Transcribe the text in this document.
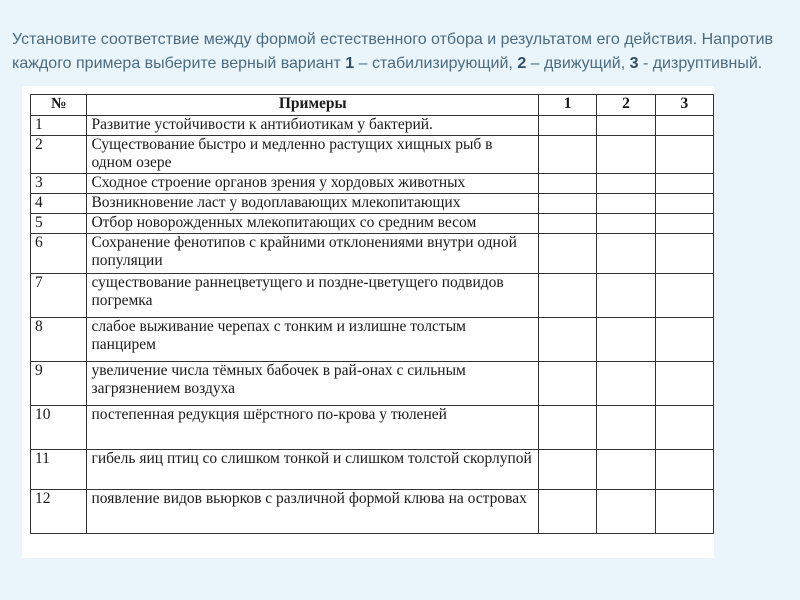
Установите соответствие между формой естественного отбора и результатом его действия. Напротив каждого примера выберите верный вариант 1 – стабилизирующий, 2 – движущий, 3 - дизруптивный.
№	Примеры	1	2	3
1	Развитие устойчивости к антибиотикам у бактерий.			
2	Существование быстро и медленно растущих хищных рыб в одном озере			
3	Сходное строение органов зрения у хордовых животных			
4	Возникновение ласт у водоплавающих млекопитающих			
5	Отбор новорожденных млекопитающих со средним весом			
6	Сохранение фенотипов с крайними отклонениями внутри одной популяции			
7	существование раннецветущего и поздне-цветущего подвидов погремка			
8	слабое выживание черепах с тонким и излишне толстым панцирем			
9	увеличение числа тёмных бабочек в рай-онах с сильным загрязнением воздуха			
10	постепенная редукция шёрстного по-крова у тюленей			
11	гибель яиц птиц со слишком тонкой и слишком толстой скорлупой			
12	появление видов вьюрков с различной формой клюва на островах			
